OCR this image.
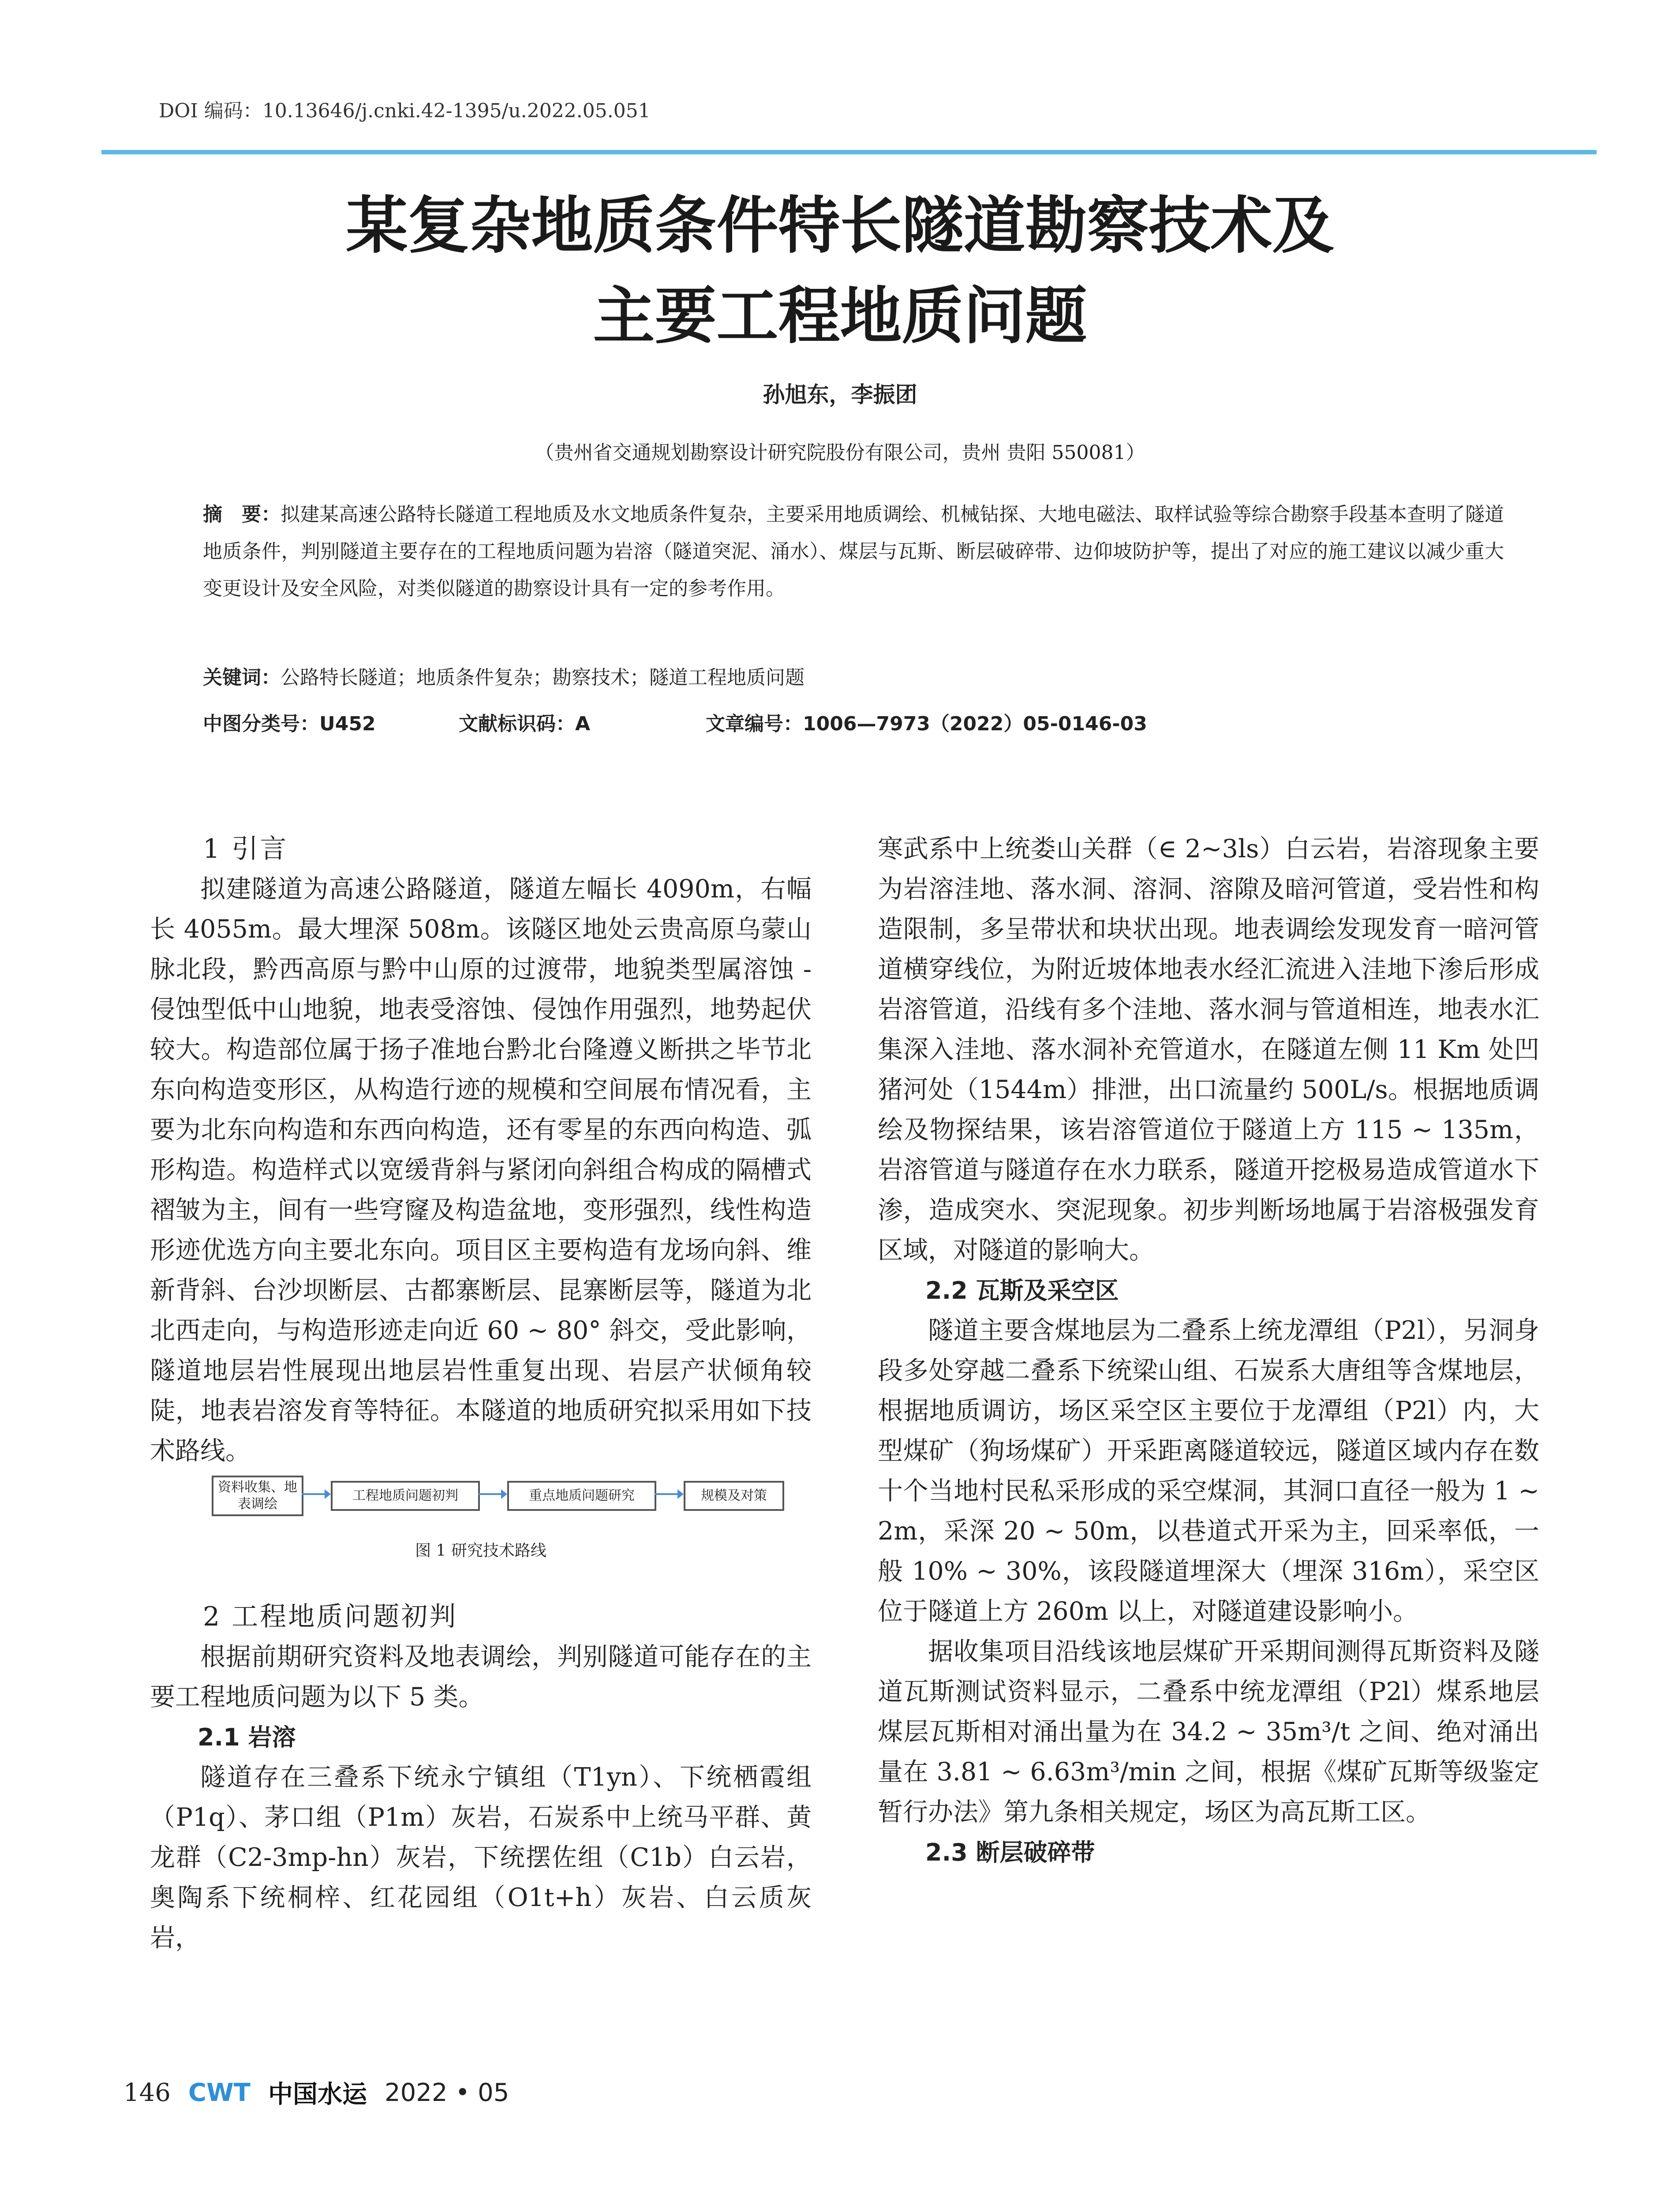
DOI 编码：10.13646/j.cnki.42-1395/u.2022.05.051
某复杂地质条件特长隧道勘察技术及
主要工程地质问题
孙旭东，李振团
（贵州省交通规划勘察设计研究院股份有限公司，贵州 贵阳 550081）
摘　要：拟建某高速公路特长隧道工程地质及水文地质条件复杂，主要采用地质调绘、机械钻探、大地电磁法、取样试验等综合勘察手段基本查明了隧道地质条件，判别隧道主要存在的工程地质问题为岩溶（隧道突泥、涌水）、煤层与瓦斯、断层破碎带、边仰坡防护等，提出了对应的施工建议以减少重大变更设计及安全风险，对类似隧道的勘察设计具有一定的参考作用。
关键词：公路特长隧道；地质条件复杂；勘察技术；隧道工程地质问题
中图分类号：U452	文献标识码：A	文章编号：1006—7973（2022）05-0146-03

1 引言

拟建隧道为高速公路隧道，隧道左幅长 4090m，右幅长 4055m。最大埋深 508m。该隧区地处云贵高原乌蒙山脉北段，黔西高原与黔中山原的过渡带，地貌类型属溶蚀 - 侵蚀型低中山地貌，地表受溶蚀、侵蚀作用强烈，地势起伏较大。构造部位属于扬子准地台黔北台隆遵义断拱之毕节北东向构造变形区，从构造行迹的规模和空间展布情况看，主要为北东向构造和东西向构造，还有零星的东西向构造、弧形构造。构造样式以宽缓背斜与紧闭向斜组合构成的隔槽式褶皱为主，间有一些穹窿及构造盆地，变形强烈，线性构造形迹优选方向主要北东向。项目区主要构造有龙场向斜、维新背斜、台沙坝断层、古都寨断层、昆寨断层等，隧道为北北西走向，与构造形迹走向近 60 ~ 80° 斜交，受此影响，隧道地层岩性展现出地层岩性重复出现、岩层产状倾角较陡，地表岩溶发育等特征。本隧道的地质研究拟采用如下技术路线。

资料收集、地表调绘
工程地质问题初判	重点地质问题研究	规模及对策
图 1 研究技术路线

2 工程地质问题初判

根据前期研究资料及地表调绘，判别隧道可能存在的主要工程地质问题为以下 5 类。

2.1 岩溶

隧道存在三叠系下统永宁镇组（T1yn）、下统栖霞组（P1q）、茅口组（P1m）灰岩，石炭系中上统马平群、黄龙群（C2-3mp-hn）灰岩，下统摆佐组（C1b）白云岩，奥陶系下统桐梓、红花园组（O1t+h）灰岩、白云质灰岩，

寒武系中上统娄山关群（∈ 2~3ls）白云岩，岩溶现象主要为岩溶洼地、落水洞、溶洞、溶隙及暗河管道，受岩性和构造限制，多呈带状和块状出现。地表调绘发现发育一暗河管道横穿线位，为附近坡体地表水经汇流进入洼地下渗后形成岩溶管道，沿线有多个洼地、落水洞与管道相连，地表水汇集深入洼地、落水洞补充管道水，在隧道左侧 11 Km 处凹猪河处（1544m）排泄，出口流量约 500L/s。根据地质调绘及物探结果，该岩溶管道位于隧道上方 115 ~ 135m，岩溶管道与隧道存在水力联系，隧道开挖极易造成管道水下渗，造成突水、突泥现象。初步判断场地属于岩溶极强发育区域，对隧道的影响大。

2.2 瓦斯及采空区

隧道主要含煤地层为二叠系上统龙潭组（P2l），另洞身段多处穿越二叠系下统梁山组、石炭系大唐组等含煤地层，根据地质调访，场区采空区主要位于龙潭组（P2l）内，大型煤矿（狗场煤矿）开采距离隧道较远，隧道区域内存在数十个当地村民私采形成的采空煤洞，其洞口直径一般为 1 ~ 2m，采深 20 ~ 50m，以巷道式开采为主，回采率低，一般 10% ~ 30%，该段隧道埋深大（埋深 316m），采空区位于隧道上方 260m 以上，对隧道建设影响小。

据收集项目沿线该地层煤矿开采期间测得瓦斯资料及隧道瓦斯测试资料显示，二叠系中统龙潭组（P2l）煤系地层煤层瓦斯相对涌出量为在 34.2 ~ 35m³/t 之间、绝对涌出量在 3.81 ~ 6.63m³/min 之间，根据《煤矿瓦斯等级鉴定暂行办法》第九条相关规定，场区为高瓦斯工区。

2.3 断层破碎带

146 CWT 中国水运 2022 • 05
